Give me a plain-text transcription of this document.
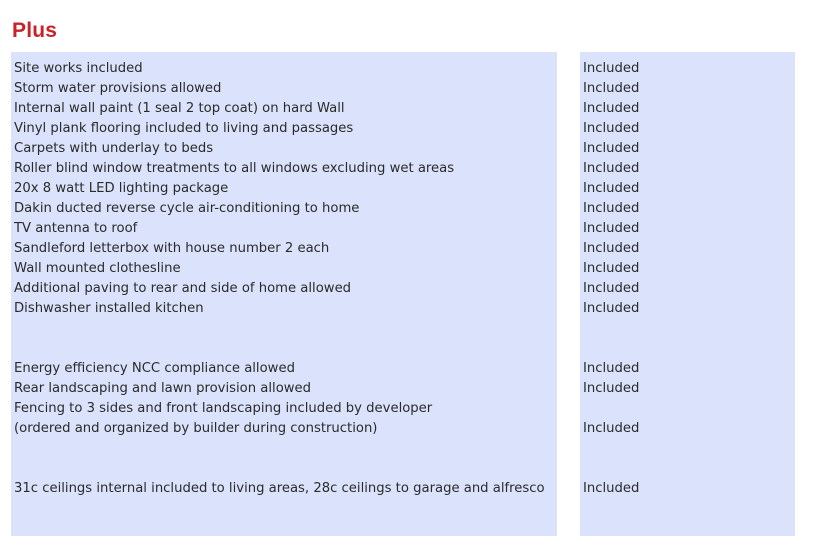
Plus
Site works included
Storm water provisions allowed
Internal wall paint (1 seal 2 top coat) on hard Wall
Vinyl plank flooring included to living and passages
Carpets with underlay to beds
Roller blind window treatments to all windows excluding wet areas
20x 8 watt LED lighting package
Dakin ducted reverse cycle air-conditioning to home
TV antenna to roof
Sandleford letterbox with house number 2 each
Wall mounted clothesline
Additional paving to rear and side of home allowed
Dishwasher installed kitchen
Energy efficiency NCC compliance allowed
Rear landscaping and lawn provision allowed
Fencing to 3 sides and front landscaping included by developer
(ordered and organized by builder during construction)
31c ceilings internal included to living areas, 28c ceilings to garage and alfresco
Included
Included
Included
Included
Included
Included
Included
Included
Included
Included
Included
Included
Included
Included
Included
Included
Included
